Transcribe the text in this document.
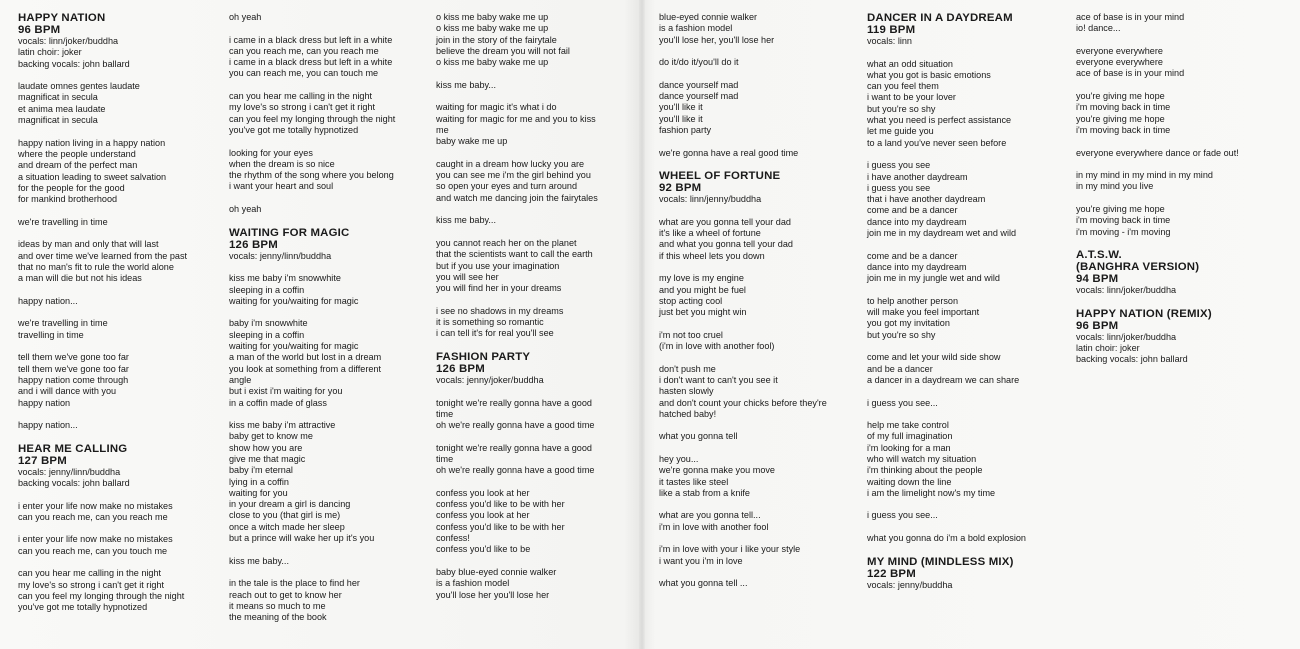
HAPPY NATION
96 BPM
vocals: linn/joker/buddha
latin choir: joker
backing vocals: john ballard
laudate omnes gentes laudate
magnificat in secula
et anima mea laudate
magnificat in secula
happy nation living in a happy nation
where the people understand
and dream of the perfect man
a situation leading to sweet salvation
for the people for the good
for mankind brotherhood
we're travelling in time
ideas by man and only that will last
and over time we've learned from the past
that no man's fit to rule the world alone
a man will die but not his ideas
happy nation...
we're travelling in time
travelling in time
tell them we've gone too far
tell them we've gone too far
happy nation come through
and i will dance with you
happy nation
happy nation...
HEAR ME CALLING
127 BPM
vocals: jenny/linn/buddha
backing vocals: john ballard
i enter your life now make no mistakes
can you reach me, can you reach me
i enter your life now make no mistakes
can you reach me, can you touch me
can you hear me calling in the night
my love's so strong i can't get it right
can you feel my longing through the night
you've got me totally hypnotized
oh yeah
i came in a black dress but left in a white
can you reach me, can you reach me
i came in a black dress but left in a white
you can reach me, you can touch me
can you hear me calling in the night
my love's so strong i can't get it right
can you feel my longing through the night
you've got me totally hypnotized
looking for your eyes
when the dream is so nice
the rhythm of the song where you belong
i want your heart and soul
oh yeah
WAITING FOR MAGIC
126 BPM
vocals: jenny/linn/buddha
kiss me baby i'm snowwhite
sleeping in a coffin
waiting for you/waiting for magic
baby i'm snowwhite
sleeping in a coffin
waiting for you/waiting for magic
a man of the world but lost in a dream
you look at something from a different
angle
but i exist i'm waiting for you
in a coffin made of glass
kiss me baby i'm attractive
baby get to know me
show how you are
give me that magic
baby i'm eternal
lying in a coffin
waiting for you
in your dream a girl is dancing
close to you (that girl is me)
once a witch made her sleep
but a prince will wake her up it's you
kiss me baby...
in the tale is the place to find her
reach out to get to know her
it means so much to me
the meaning of the book
o kiss me baby wake me up
o kiss me baby wake me up
join in the story of the fairytale
believe the dream you will not fail
o kiss me baby wake me up
kiss me baby...
waiting for magic it's what i do
waiting for magic for me and you to kiss
me
baby wake me up
caught in a dream how lucky you are
you can see me i'm the girl behind you
so open your eyes and turn around
and watch me dancing join the fairytales
kiss me baby...
you cannot reach her on the planet
that the scientists want to call the earth
but if you use your imagination
you will see her
you will find her in your dreams
i see no shadows in my dreams
it is something so romantic
i can tell it's for real you'll see
FASHION PARTY
126 BPM
vocals: jenny/joker/buddha
tonight we're really gonna have a good
time
oh we're really gonna have a good time
tonight we're really gonna have a good
time
oh we're really gonna have a good time
confess you look at her
confess you'd like to be with her
confess you look at her
confess you'd like to be with her
confess!
confess you'd like to be
baby blue-eyed connie walker
is a fashion model
you'll lose her you'll lose her
blue-eyed connie walker
is a fashion model
you'll lose her, you'll lose her
do it/do it/you'll do it
dance yourself mad
dance yourself mad
you'll like it
you'll like it
fashion party
we're gonna have a real good time
WHEEL OF FORTUNE
92 BPM
vocals: linn/jenny/buddha
what are you gonna tell your dad
it's like a wheel of fortune
and what you gonna tell your dad
if this wheel lets you down
my love is my engine
and you might be fuel
stop acting cool
just bet you might win
i'm not too cruel
(i'm in love with another fool)
don't push me
i don't want to can't you see it
hasten slowly
and don't count your chicks before they're
hatched baby!
what you gonna tell
hey you...
we're gonna make you move
it tastes like steel
like a stab from a knife
what are you gonna tell...
i'm in love with another fool
i'm in love with your i like your style
i want you i'm in love
what you gonna tell ...
DANCER IN A DAYDREAM
119 BPM
vocals: linn
what an odd situation
what you got is basic emotions
can you feel them
i want to be your lover
but you're so shy
what you need is perfect assistance
let me guide you
to a land you've never seen before
i guess you see
i have another daydream
i guess you see
that i have another daydream
come and be a dancer
dance into my daydream
join me in my daydream wet and wild
come and be a dancer
dance into my daydream
join me in my jungle wet and wild
to help another person
will make you feel important
you got my invitation
but you're so shy
come and let your wild side show
and be a dancer
a dancer in a daydream we can share
i guess you see...
help me take control
of my full imagination
i'm looking for a man
who will watch my situation
i'm thinking about the people
waiting down the line
i am the limelight now's my time
i guess you see...
what you gonna do i'm a bold explosion
MY MIND (MINDLESS MIX)
122 BPM
vocals: jenny/buddha
ace of base is in your mind
io! dance...
everyone everywhere
everyone everywhere
ace of base is in your mind
you're giving me hope
i'm moving back in time
you're giving me hope
i'm moving back in time
everyone everywhere dance or fade out!
in my mind in my mind in my mind
in my mind you live
you're giving me hope
i'm moving back in time
i'm moving - i'm moving
A.T.S.W.
(BANGHRA VERSION)
94 BPM
vocals: linn/joker/buddha
HAPPY NATION (REMIX)
96 BPM
vocals: linn/joker/buddha
latin choir: joker
backing vocals: john ballard
